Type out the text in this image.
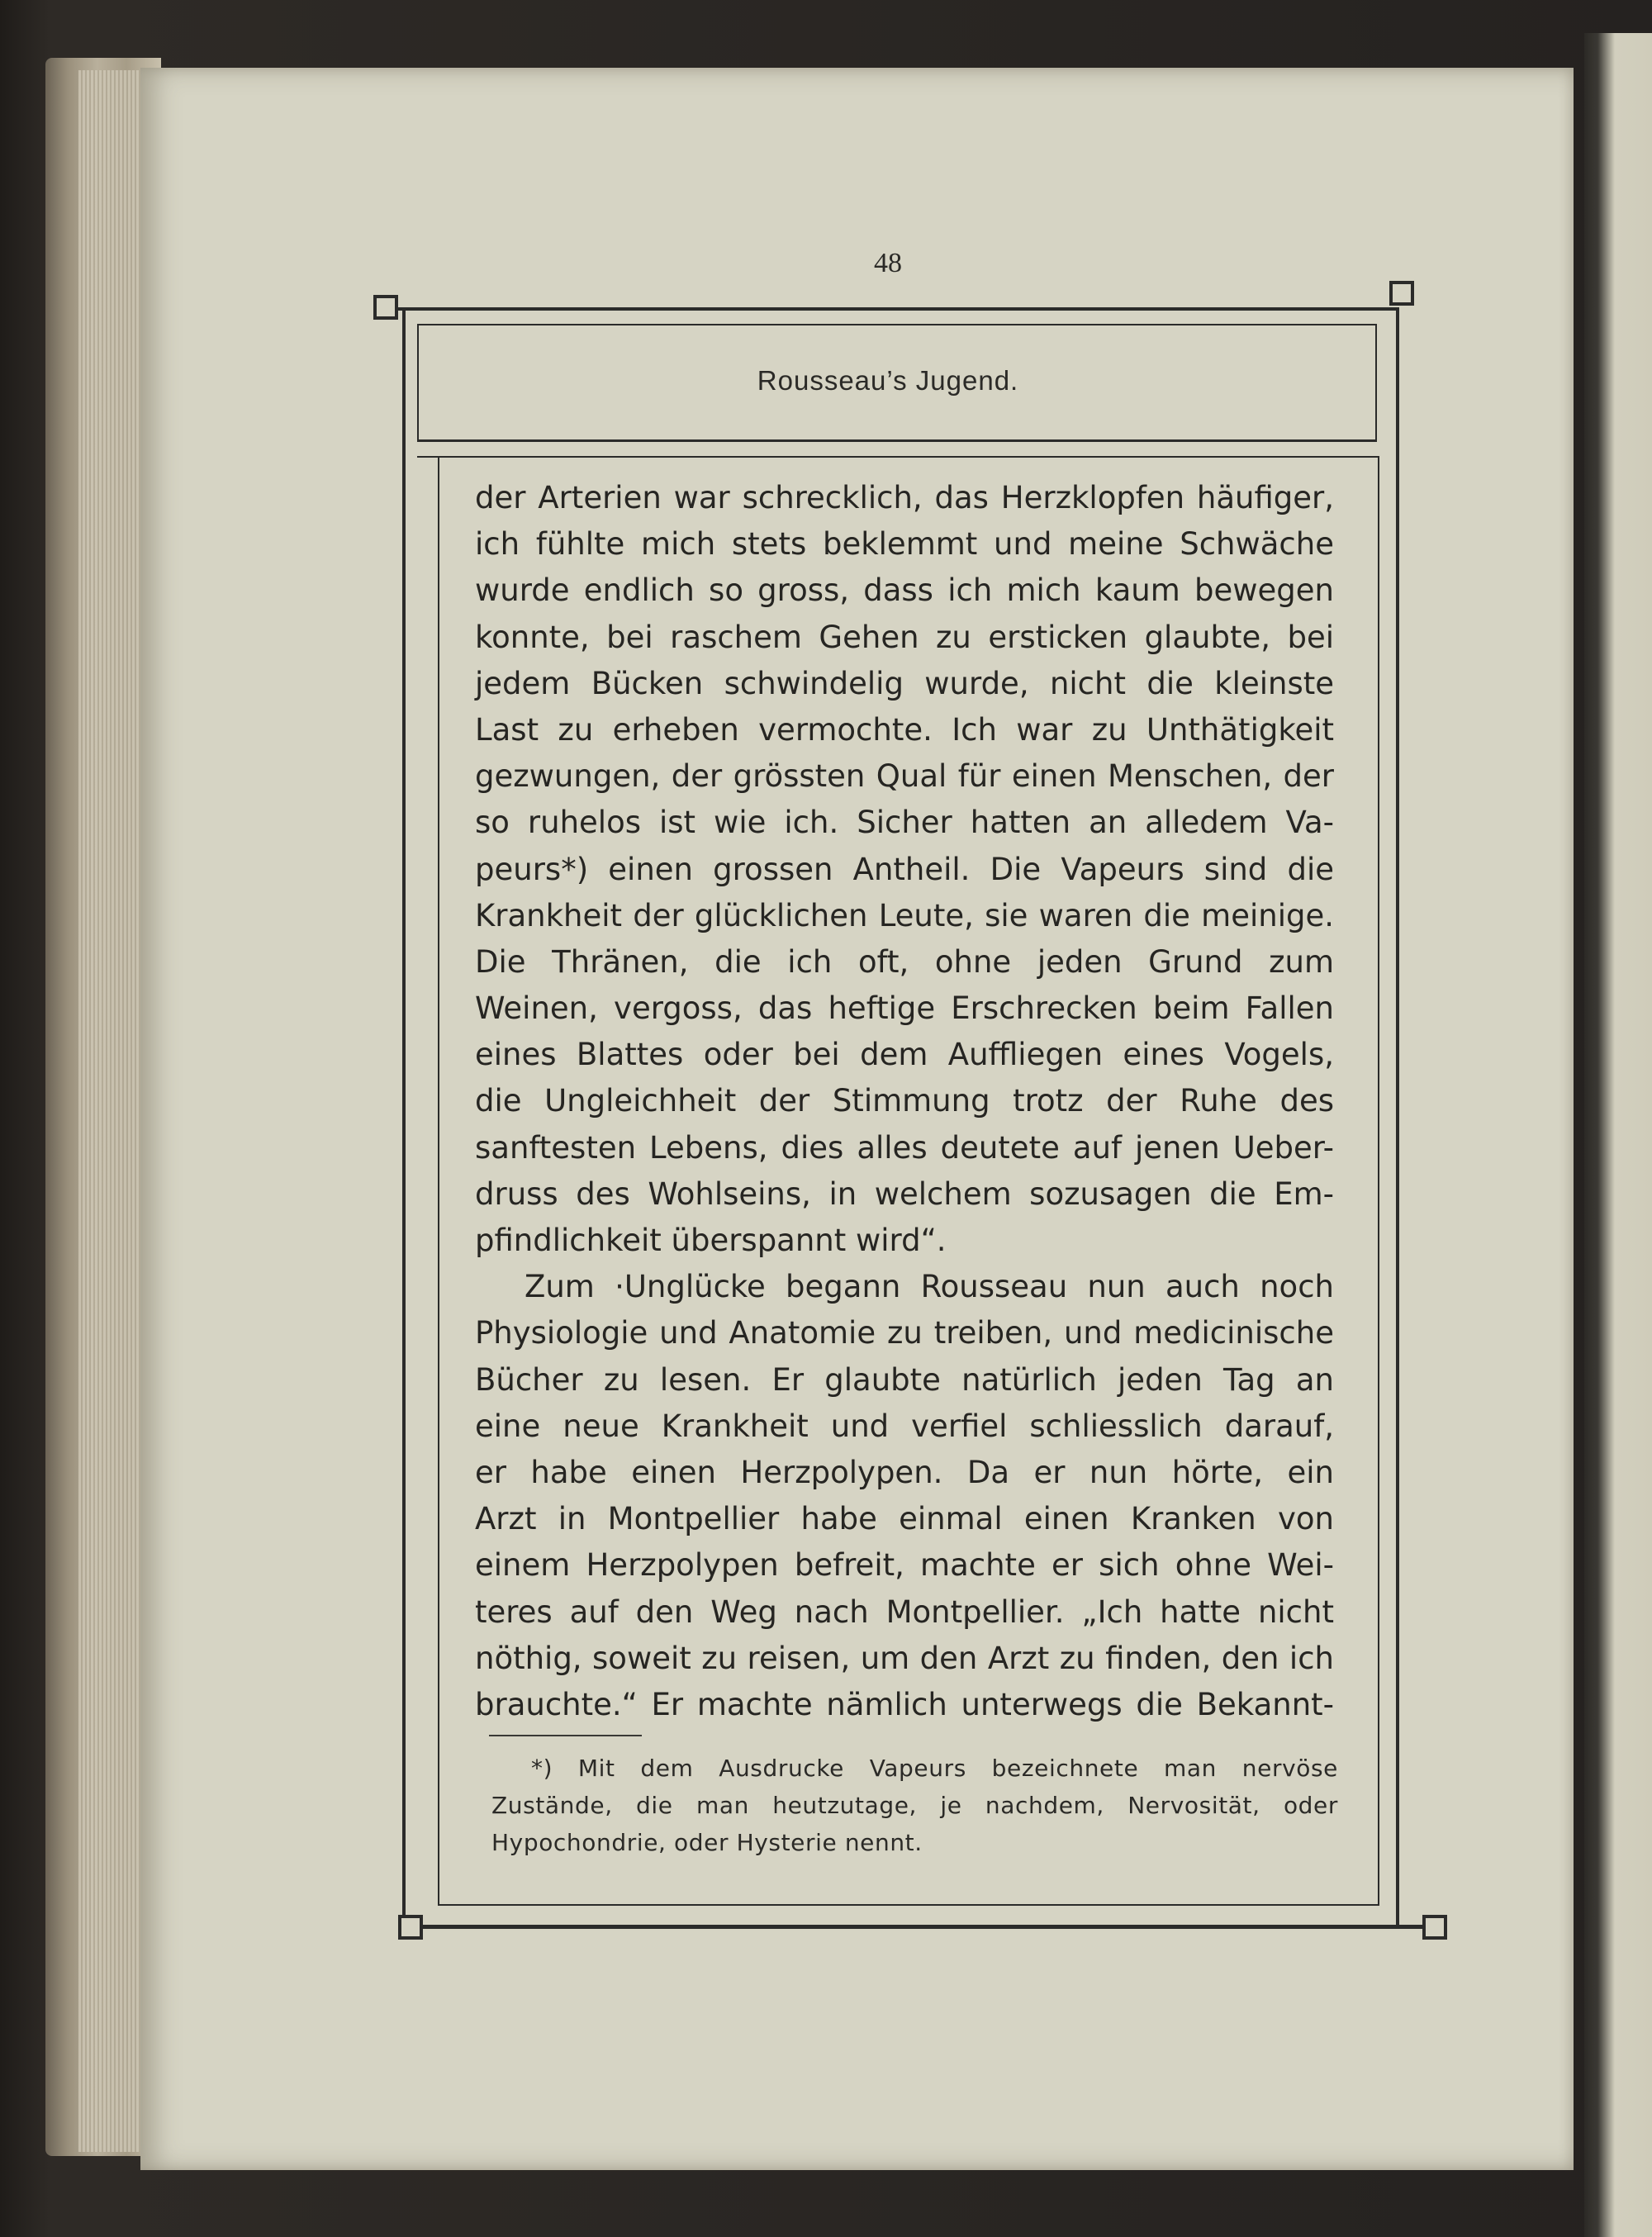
48
Rousseau’s Jugend.
der Arterien war schrecklich, das Herzklopfen häufiger,
ich fühlte mich stets beklemmt und meine Schwäche
wurde endlich so gross, dass ich mich kaum bewegen
konnte, bei raschem Gehen zu ersticken glaubte, bei
jedem Bücken schwindelig wurde, nicht die kleinste
Last zu erheben vermochte. Ich war zu Unthätigkeit
gezwungen, der grössten Qual für einen Menschen, der
so ruhelos ist wie ich. Sicher hatten an alledem Va-
peurs*) einen grossen Antheil. Die Vapeurs sind die
Krankheit der glücklichen Leute, sie waren die meinige.
Die Thränen, die ich oft, ohne jeden Grund zum
Weinen, vergoss, das heftige Erschrecken beim Fallen
eines Blattes oder bei dem Auffliegen eines Vogels,
die Ungleichheit der Stimmung trotz der Ruhe des
sanftesten Lebens, dies alles deutete auf jenen Ueber-
druss des Wohlseins, in welchem sozusagen die Em-
pfindlichkeit überspannt wird“.
Zum ·Unglücke begann Rousseau nun auch noch
Physiologie und Anatomie zu treiben, und medicinische
Bücher zu lesen. Er glaubte natürlich jeden Tag an
eine neue Krankheit und verfiel schliesslich darauf,
er habe einen Herzpolypen. Da er nun hörte, ein
Arzt in Montpellier habe einmal einen Kranken von
einem Herzpolypen befreit, machte er sich ohne Wei-
teres auf den Weg nach Montpellier. „Ich hatte nicht
nöthig, soweit zu reisen, um den Arzt zu finden, den ich
brauchte.“ Er machte nämlich unterwegs die Bekannt-
*) Mit dem Ausdrucke Vapeurs bezeichnete man nervöse
Zustände, die man heutzutage, je nachdem, Nervosität, oder
Hypochondrie, oder Hysterie nennt.
